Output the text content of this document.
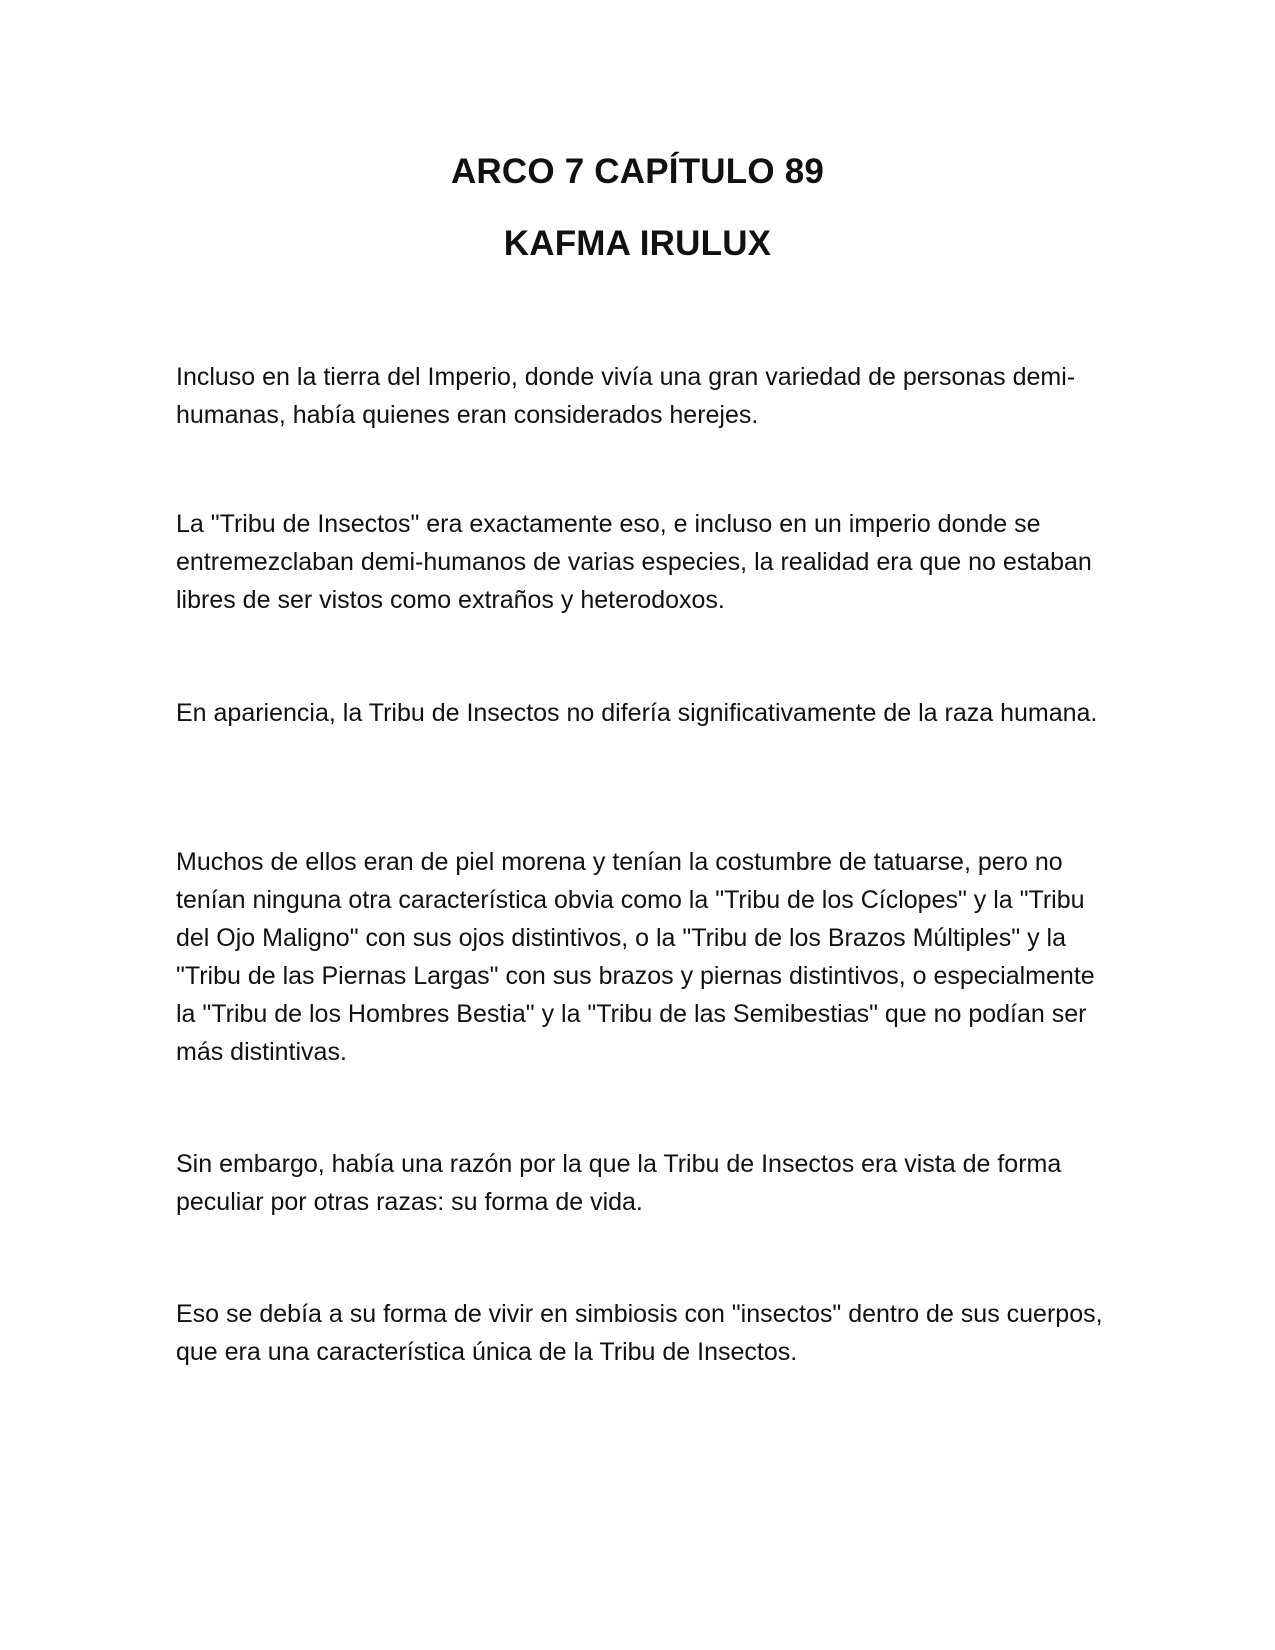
ARCO 7 CAPÍTULO 89
KAFMA IRULUX

Incluso en la tierra del Imperio, donde vivía una gran variedad de personas demi-humanas, había quienes eran considerados herejes.

La "Tribu de Insectos" era exactamente eso, e incluso en un imperio donde se entremezclaban demi-humanos de varias especies, la realidad era que no estaban libres de ser vistos como extraños y heterodoxos.

En apariencia, la Tribu de Insectos no difería significativamente de la raza humana.

Muchos de ellos eran de piel morena y tenían la costumbre de tatuarse, pero no tenían ninguna otra característica obvia como la "Tribu de los Cíclopes" y la "Tribu del Ojo Maligno" con sus ojos distintivos, o la "Tribu de los Brazos Múltiples" y la "Tribu de las Piernas Largas" con sus brazos y piernas distintivos, o especialmente la "Tribu de los Hombres Bestia" y la "Tribu de las Semibestias" que no podían ser más distintivas.

Sin embargo, había una razón por la que la Tribu de Insectos era vista de forma peculiar por otras razas: su forma de vida.

Eso se debía a su forma de vivir en simbiosis con "insectos" dentro de sus cuerpos, que era una característica única de la Tribu de Insectos.
